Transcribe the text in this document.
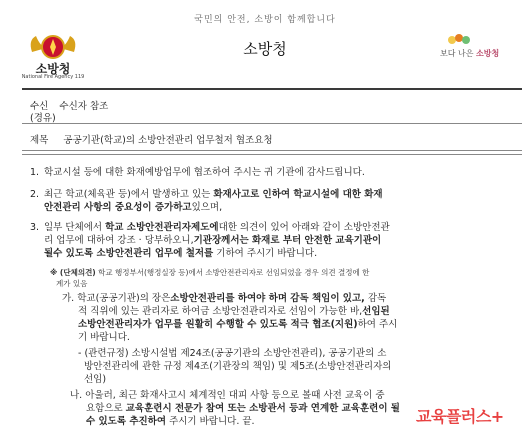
국민의 안전, 소방이 함께합니다
소방청
소방청
National Fire Agency 119
보다 나은 소방청
수신 수신자 참조
(경유)
제목 공공기관(학교)의 소방안전관리 업무철저 협조요청
1. 학교시설 등에 대한 화재예방업무에 협조하여 주시는 귀 기관에 감사드립니다.
2. 최근 학교(체육관 등)에서 발생하고 있는 화재사고로 인하여 학교시설에 대한 화재
안전관리 사항의 중요성이 증가하고있으며,
3. 일부 단체에서 학교 소방안전관리자제도에대한 의견이 있어 아래와 같이 소방안전관
리 업무에 대하여 강조 · 당부하오니,기관장께서는 화재로 부터 안전한 교육기관이
될수 있도록 소방안전관리 업무에 철저를 기하여 주시기 바랍니다.
※ (단체의견) 학교 행정부서(행정실장 등)에서 소방안전관리자로 선임되었을 경우 의견 결정에 한
계가 있음
가. 학교(공공기관)의 장은소방안전관리를 하여야 하며 감독 책임이 있고, 감독
적 직위에 있는 관리자로 하여금 소방안전관리자로 선임이 가능한 바,선임된
소방안전관리자가 업무를 원활히 수행할 수 있도록 적극 협조(지원)하여 주시
기 바랍니다.
- (관련규정) 소방시설법 제24조(공공기관의 소방안전관리), 공공기관의 소
방안전관리에 관한 규정 제4조(기관장의 책임) 및 제5조(소방안전관리자의
선임)
나. 아울러, 최근 화재사고시 체계적인 대피 사항 등으로 볼때 사전 교육이 중
요함으로 교육훈련시 전문가 참여 또는 소방관서 등과 연계한 교육훈련이 될
수 있도록 추진하여 주시기 바랍니다. 끝.	교육플러스+
